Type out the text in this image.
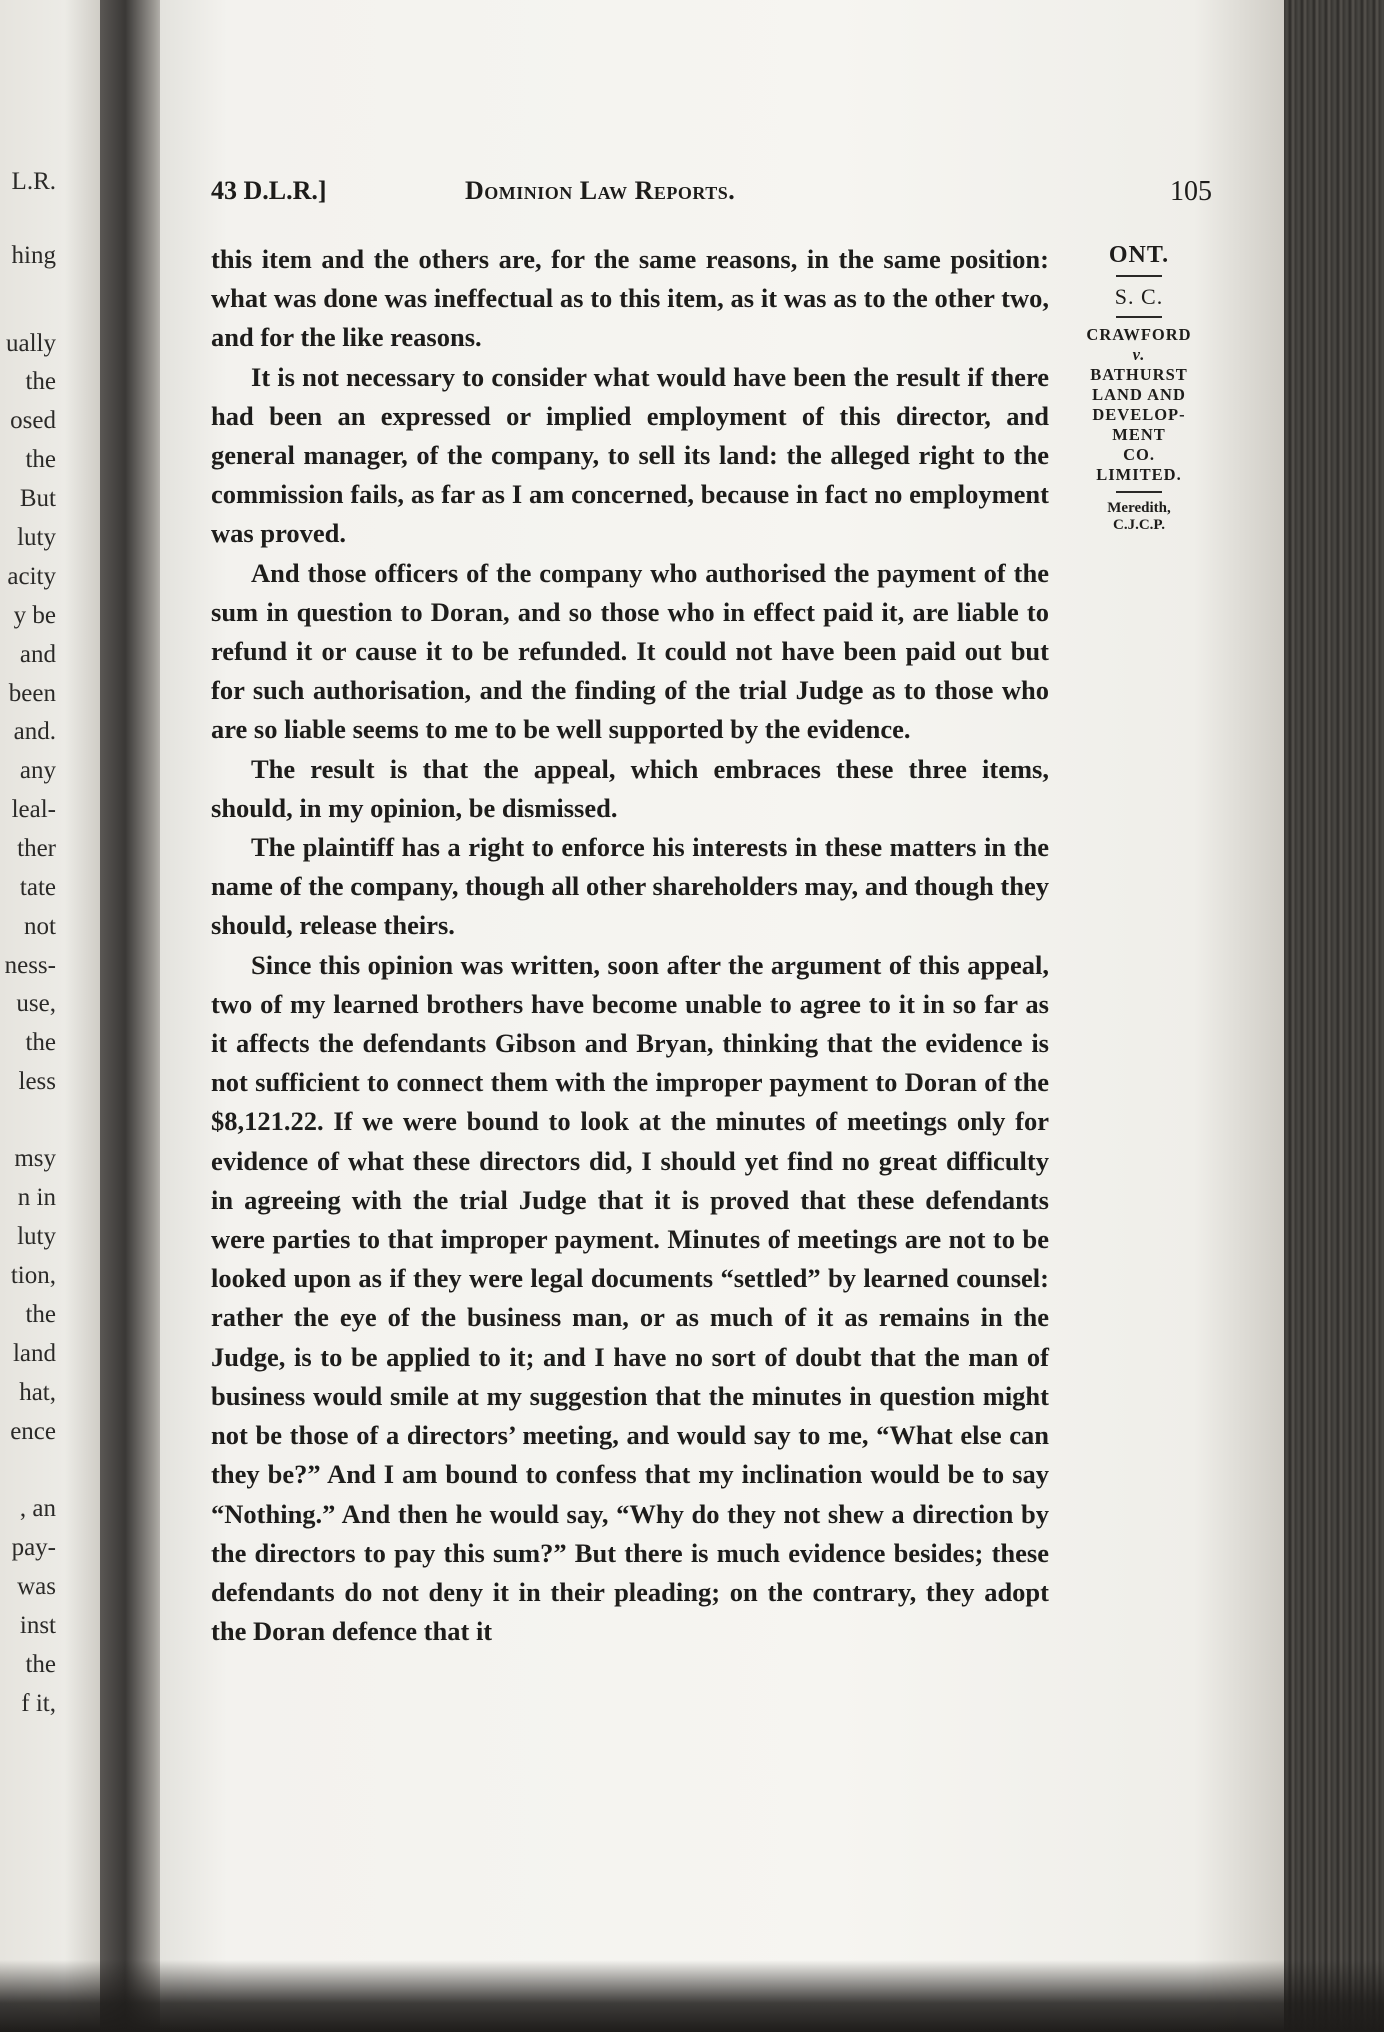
L.R.
hing
ually
the
osed
the
But
luty
acity
y be
and
been
and.
any
leal-
ther
tate
not
ness-
use,
the
less
msy
n in
luty
tion,
the
land
hat,
ence
, an
pay-
was
inst
the
f it,
43 D.L.R.]	Dominion Law Reports.	105
ONT.
S. C.
CRAWFORD
v.
BATHURST
LAND AND
DEVELOP-
MENT
CO.
LIMITED.
Meredith,
C.J.C.P.

this item and the others are, for the same reasons, in the same position: what was done was ineffectual as to this item, as it was as to the other two, and for the like reasons.

It is not necessary to consider what would have been the result if there had been an expressed or implied employment of this director, and general manager, of the company, to sell its land: the alleged right to the commission fails, as far as I am concerned, because in fact no employment was proved.

And those officers of the company who authorised the payment of the sum in question to Doran, and so those who in effect paid it, are liable to refund it or cause it to be refunded. It could not have been paid out but for such authorisation, and the finding of the trial Judge as to those who are so liable seems to me to be well supported by the evidence.

The result is that the appeal, which embraces these three items, should, in my opinion, be dismissed.

The plaintiff has a right to enforce his interests in these matters in the name of the company, though all other shareholders may, and though they should, release theirs.

Since this opinion was written, soon after the argument of this appeal, two of my learned brothers have become unable to agree to it in so far as it affects the defendants Gibson and Bryan, thinking that the evidence is not sufficient to connect them with the improper payment to Doran of the $8,121.22. If we were bound to look at the minutes of meetings only for evidence of what these directors did, I should yet find no great difficulty in agreeing with the trial Judge that it is proved that these defendants were parties to that improper payment. Minutes of meetings are not to be looked upon as if they were legal documents “settled” by learned counsel: rather the eye of the business man, or as much of it as remains in the Judge, is to be applied to it; and I have no sort of doubt that the man of business would smile at my suggestion that the minutes in question might not be those of a directors’ meeting, and would say to me, “What else can they be?” And I am bound to confess that my inclination would be to say “Nothing.” And then he would say, “Why do they not shew a direction by the directors to pay this sum?” But there is much evidence besides; these defendants do not deny it in their pleading; on the contrary, they adopt the Doran defence that it
